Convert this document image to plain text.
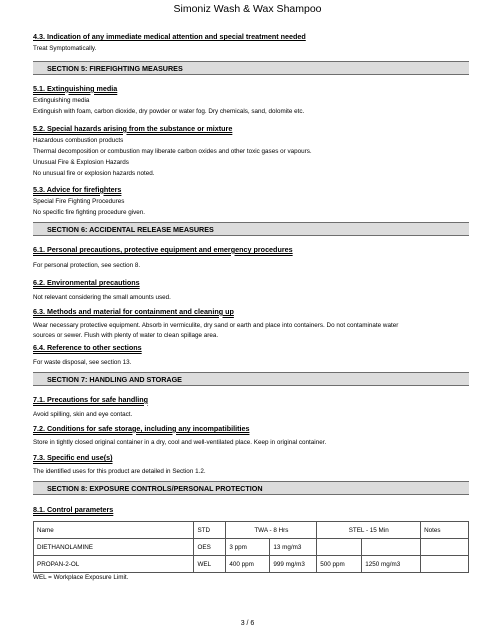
Simoniz Wash & Wax Shampoo
4.3. Indication of any immediate medical attention and special treatment needed
Treat Symptomatically.
SECTION 5: FIREFIGHTING MEASURES
5.1. Extinguishing media
Extinguishing media
Extinguish with foam, carbon dioxide, dry powder or water fog. Dry chemicals, sand, dolomite etc.
5.2. Special hazards arising from the substance or mixture
Hazardous combustion products
Thermal decomposition or combustion may liberate carbon oxides and other toxic gases or vapours.
Unusual Fire & Explosion Hazards
No unusual fire or explosion hazards noted.
5.3. Advice for firefighters
Special Fire Fighting Procedures
No specific fire fighting procedure given.
SECTION 6: ACCIDENTAL RELEASE MEASURES
6.1. Personal precautions, protective equipment and emergency procedures
For personal protection, see section 8.
6.2. Environmental precautions
Not relevant considering the small amounts used.
6.3. Methods and material for containment and cleaning up
Wear necessary protective equipment. Absorb in vermiculite, dry sand or earth and place into containers. Do not contaminate water
sources or sewer. Flush with plenty of water to clean spillage area.
6.4. Reference to other sections
For waste disposal, see section 13.
SECTION 7: HANDLING AND STORAGE
7.1. Precautions for safe handling
Avoid spilling, skin and eye contact.
7.2. Conditions for safe storage, including any incompatibilities
Store in tightly closed original container in a dry, cool and well-ventilated place. Keep in original container.
7.3. Specific end use(s)
The identified uses for this product are detailed in Section 1.2.
SECTION 8: EXPOSURE CONTROLS/PERSONAL PROTECTION
8.1. Control parameters
Name	STD	TWA - 8 Hrs		STEL - 15 Min		Notes
DIETHANOLAMINE	OES	3 ppm	13 mg/m3			
PROPAN-2-OL	WEL	400 ppm	999 mg/m3	500 ppm	1250 mg/m3	
WEL = Workplace Exposure Limit.
3 / 6
